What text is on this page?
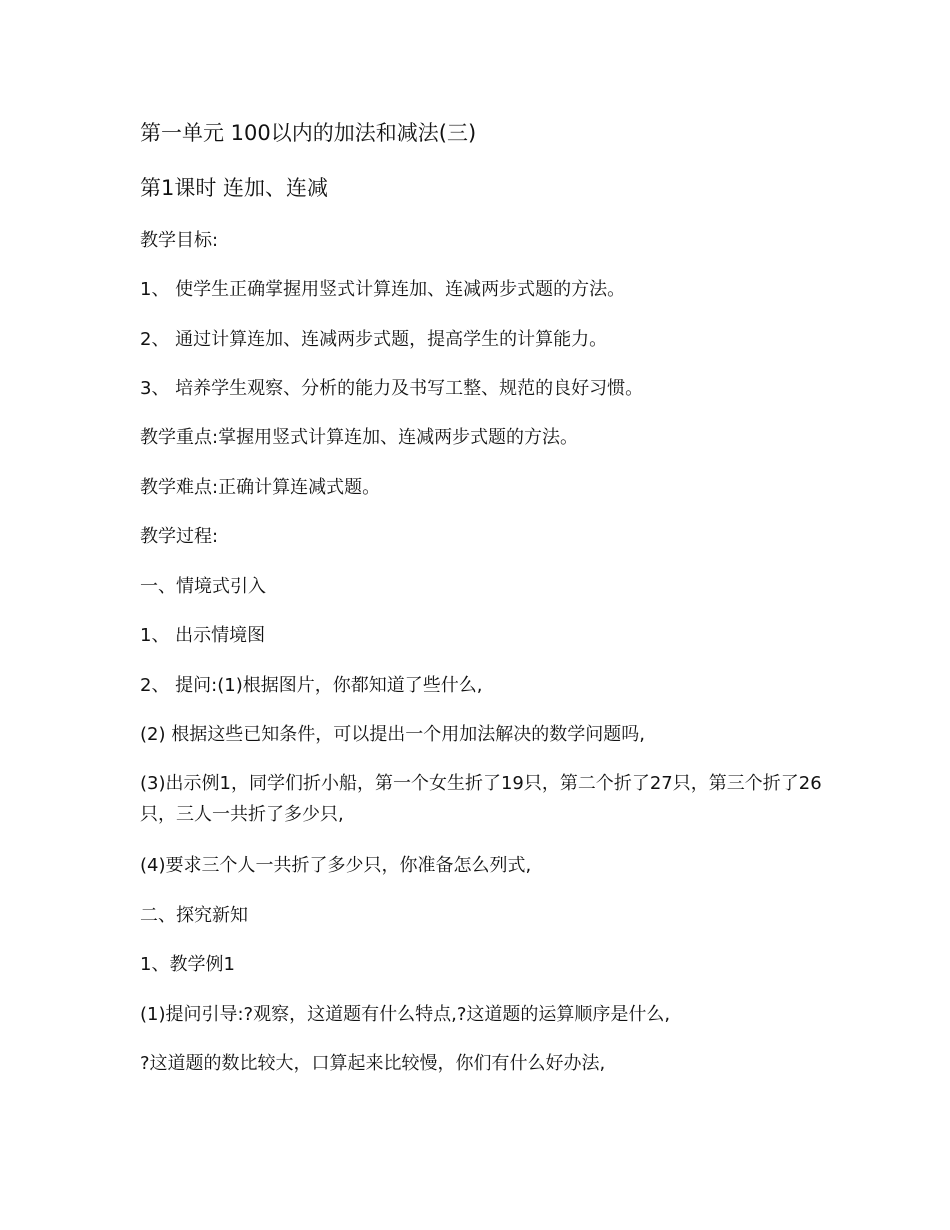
第一单元 100以内的加法和减法(三)

第1课时 连加、连减

教学目标:

1、 使学生正确掌握用竖式计算连加、连减两步式题的方法。

2、 通过计算连加、连减两步式题，提高学生的计算能力。

3、 培养学生观察、分析的能力及书写工整、规范的良好习惯。

教学重点:掌握用竖式计算连加、连减两步式题的方法。

教学难点:正确计算连减式题。

教学过程:

一、情境式引入

1、 出示情境图

2、 提问:(1)根据图片，你都知道了些什么,

(2) 根据这些已知条件，可以提出一个用加法解决的数学问题吗,

(3)出示例1，同学们折小船，第一个女生折了19只，第二个折了27只，第三个折了26只，三人一共折了多少只,

(4)要求三个人一共折了多少只，你准备怎么列式,

二、探究新知

1、教学例1

(1)提问引导:?观察，这道题有什么特点,?这道题的运算顺序是什么,

?这道题的数比较大，口算起来比较慢，你们有什么好办法,
